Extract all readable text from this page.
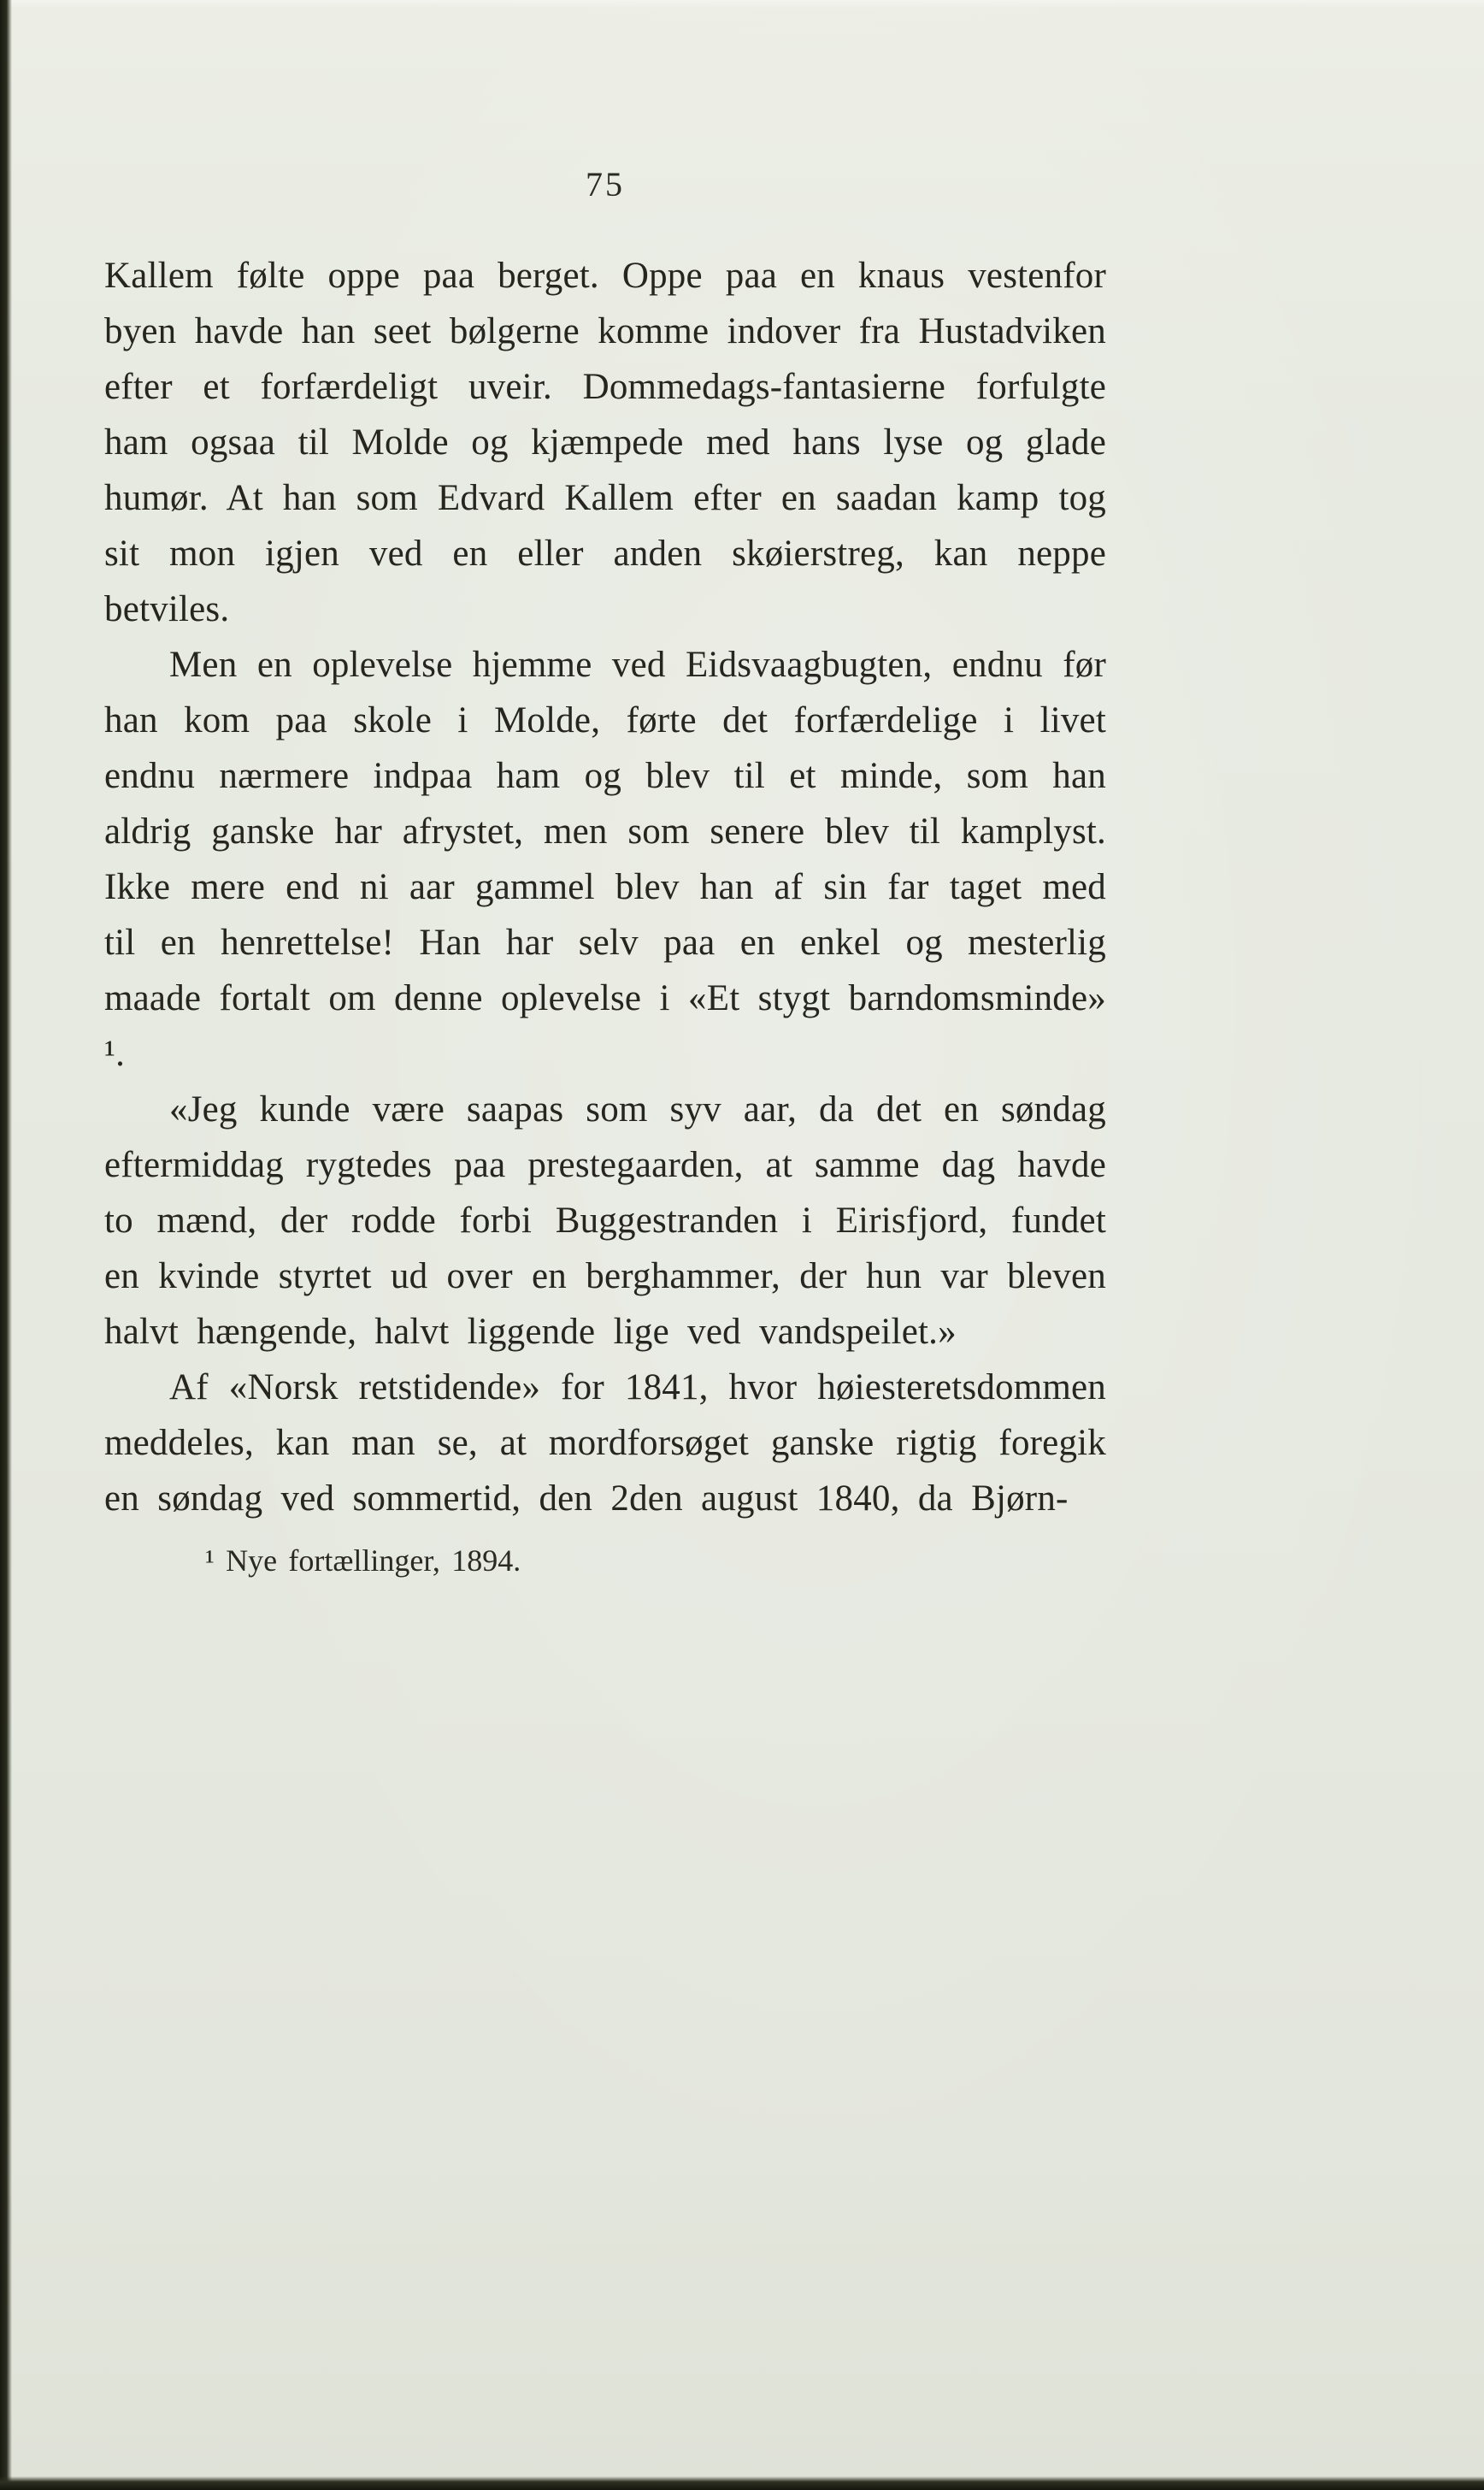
75

Kallem følte oppe paa berget. Oppe paa en knaus vestenfor byen havde han seet bølgerne komme indover fra Hustadviken efter et forfærdeligt uveir. Dommedags-fantasierne forfulgte ham ogsaa til Molde og kjæmpede med hans lyse og glade humør. At han som Edvard Kallem efter en saadan kamp tog sit mon igjen ved en eller anden skøierstreg, kan neppe betviles.

Men en oplevelse hjemme ved Eidsvaagbugten, endnu før han kom paa skole i Molde, førte det forfærdelige i livet endnu nærmere indpaa ham og blev til et minde, som han aldrig ganske har afrystet, men som senere blev til kamplyst. Ikke mere end ni aar gammel blev han af sin far taget med til en henrettelse! Han har selv paa en enkel og mesterlig maade fortalt om denne oplevelse i «Et stygt barndomsminde» ¹.

«Jeg kunde være saapas som syv aar, da det en søndag eftermiddag rygtedes paa prestegaarden, at samme dag havde to mænd, der rodde forbi Buggestranden i Eirisfjord, fundet en kvinde styrtet ud over en berghammer, der hun var bleven halvt hængende, halvt liggende lige ved vandspeilet.»

Af «Norsk retstidende» for 1841, hvor høiesteretsdommen meddeles, kan man se, at mordforsøget ganske rigtig foregik en søndag ved sommertid, den 2den august 1840, da Bjørn-

¹ Nye fortællinger, 1894.
